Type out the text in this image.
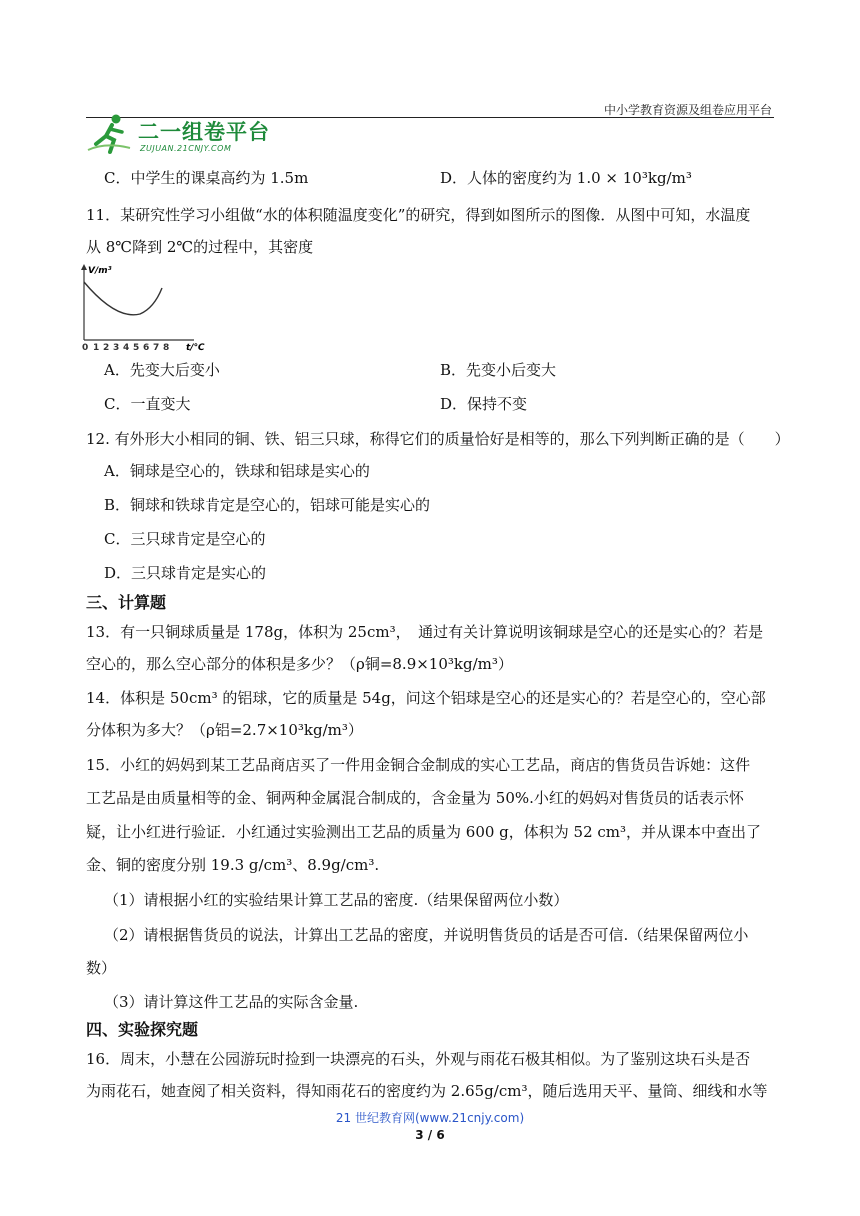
中小学教育资源及组卷应用平台
二一组卷平台
ZUJUAN.21CNJY.COM
C．中学生的课桌高约为 1.5m	D．人体的密度约为 1.0 × 10³kg/m³
11．某研究性学习小组做“水的体积随温度变化”的研究，得到如图所示的图像．从图中可知，水温度
从 8℃降到 2℃的过程中，其密度
0 1 2 3 4 5 6 7 8
V/m³
t/℃
A．先变大后变小	B．先变小后变大
C．一直变大	D．保持不变
12. 有外形大小相同的铜、铁、铝三只球，称得它们的质量恰好是相等的，那么下列判断正确的是（　　）
A．铜球是空心的，铁球和铝球是实心的
B．铜球和铁球肯定是空心的，铝球可能是实心的
C．三只球肯定是空心的
D．三只球肯定是实心的
三、计算题
13．有一只铜球质量是 178g，体积为 25cm³，　通过有关计算说明该铜球是空心的还是实心的？若是
空心的，那么空心部分的体积是多少？（ρ铜=8.9×10³kg/m³）
14．体积是 50cm³ 的铝球，它的质量是 54g，问这个铝球是空心的还是实心的？若是空心的，空心部
分体积为多大？（ρ铝=2.7×10³kg/m³）
15．小红的妈妈到某工艺品商店买了一件用金铜合金制成的实心工艺品，商店的售货员告诉她：这件
工艺品是由质量相等的金、铜两种金属混合制成的，含金量为 50%.小红的妈妈对售货员的话表示怀
疑，让小红进行验证．小红通过实验测出工艺品的质量为 600 g，体积为 52 cm³，并从课本中查出了
金、铜的密度分别 19.3 g/cm³、8.9g/cm³.
（1）请根据小红的实验结果计算工艺品的密度.（结果保留两位小数）
（2）请根据售货员的说法，计算出工艺品的密度，并说明售货员的话是否可信.（结果保留两位小
数）
（3）请计算这件工艺品的实际含金量.
四、实验探究题
16．周末，小慧在公园游玩时捡到一块漂亮的石头，外观与雨花石极其相似。为了鉴别这块石头是否
为雨花石，她查阅了相关资料，得知雨花石的密度约为 2.65g/cm³，随后选用天平、量筒、细线和水等
21 世纪教育网(www.21cnjy.com)
3 / 6
